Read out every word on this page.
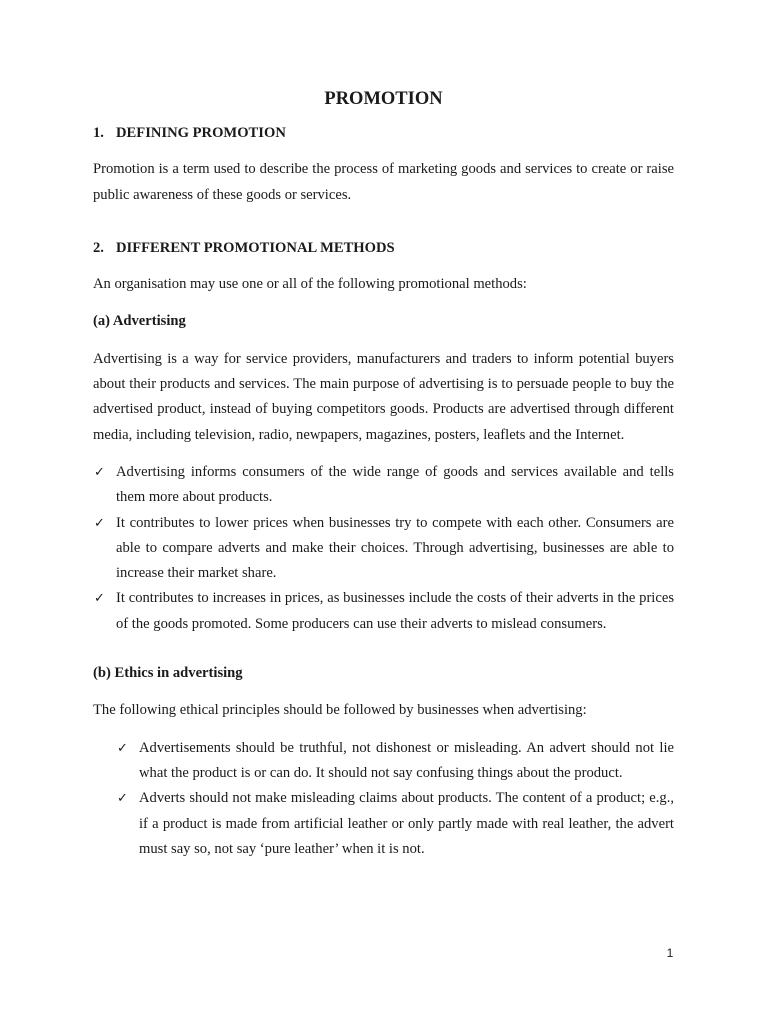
PROMOTION
1. DEFINING PROMOTION

Promotion is a term used to describe the process of marketing goods and services to create or raise public awareness of these goods or services.

2. DIFFERENT PROMOTIONAL METHODS

An organisation may use one or all of the following promotional methods:

(a) Advertising

Advertising is a way for service providers, manufacturers and traders to inform potential buyers about their products and services. The main purpose of advertising is to persuade people to buy the advertised product, instead of buying competitors goods. Products are advertised through different media, including television, radio, newpapers, magazines, posters, leaflets and the Internet.

✓ Advertising informs consumers of the wide range of goods and services available and tells them more about products.
✓ It contributes to lower prices when businesses try to compete with each other. Consumers are able to compare adverts and make their choices. Through advertising, businesses are able to increase their market share.
✓ It contributes to increases in prices, as businesses include the costs of their adverts in the prices of the goods promoted. Some producers can use their adverts to mislead consumers.
(b) Ethics in advertising

The following ethical principles should be followed by businesses when advertising:

✓ Advertisements should be truthful, not dishonest or misleading. An advert should not lie what the product is or can do. It should not say confusing things about the product.
✓ Adverts should not make misleading claims about products. The content of a product; e.g., if a product is made from artificial leather or only partly made with real leather, the advert must say so, not say ‘pure leather’ when it is not.
1
